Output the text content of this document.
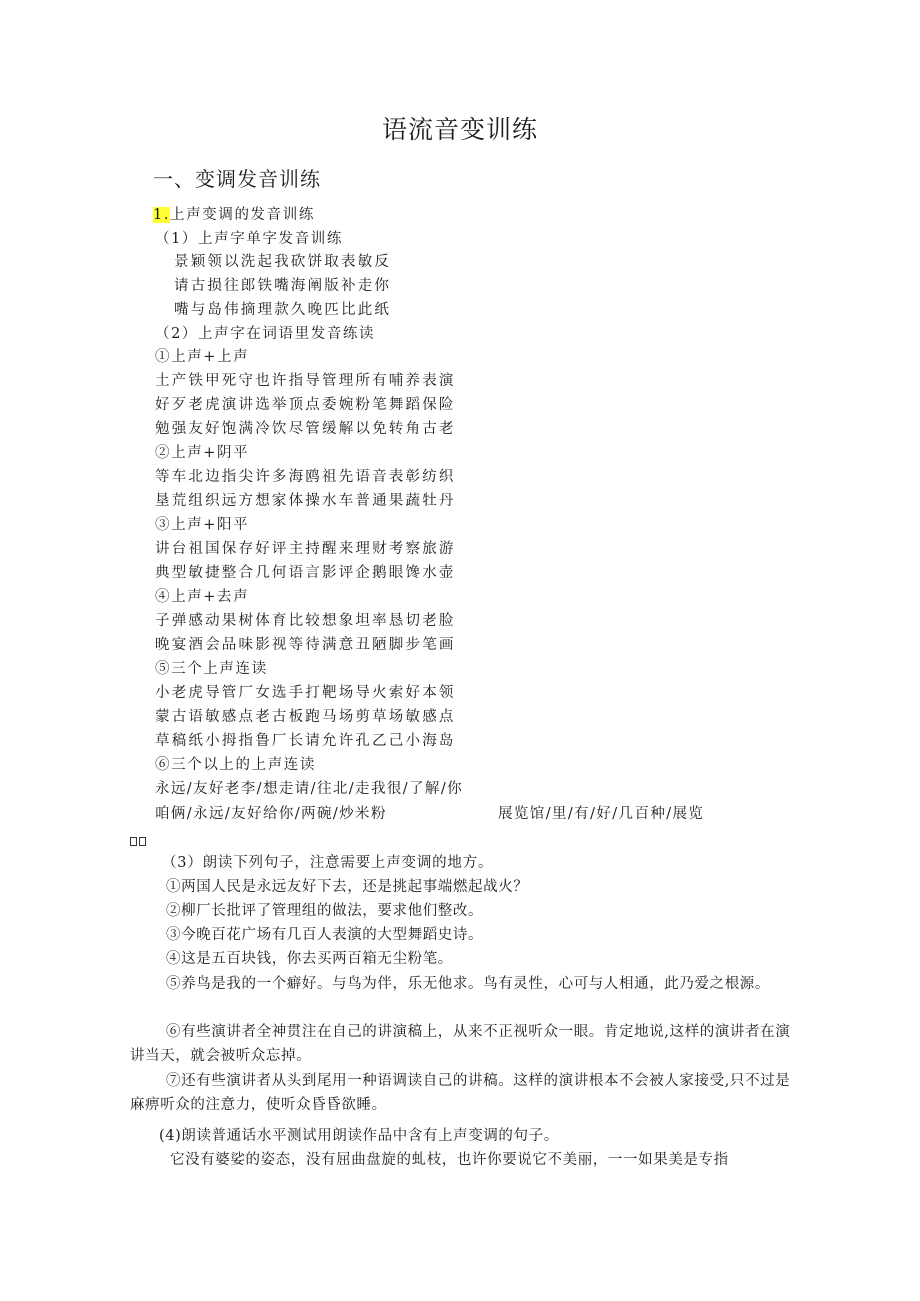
语流音变训练
一、变调发音训练
1.上声变调的发音训练
（1）上声字单字发音训练
景颖领以洗起我砍饼取表敏反
请古损往郎铁嘴海阐版补走你
嘴与岛伟摘理款久晚匹比此纸
（2）上声字在词语里发音练读
①上声+上声
土产铁甲死守也许指导管理所有哺养表演
好歹老虎演讲选举顶点委婉粉笔舞蹈保险
勉强友好饱满冷饮尽管缓解以免转角古老
②上声+阴平
等车北边指尖许多海鸥祖先语音表彰纺织
垦荒组织远方想家体操水车普通果蔬牡丹
③上声+阳平
讲台祖国保存好评主持醒来理财考察旅游
典型敏捷整合几何语言影评企鹅眼馋水壶
④上声+去声
子弹感动果树体育比较想象坦率恳切老脸
晚宴酒会品味影视等待满意丑陋脚步笔画
⑤三个上声连读
小老虎导管厂女选手打靶场导火索好本领
蒙古语敏感点老古板跑马场剪草场敏感点
草稿纸小拇指鲁厂长请允许孔乙己小海岛
⑥三个以上的上声连读
永远/友好老李/想走请/往北/走我很/了解/你
咱俩/永远/友好给你/两碗/炒米粉	展览馆/里/有/好/几百种/展览
（3）朗读下列句子，注意需要上声变调的地方。
①两国人民是永远友好下去，还是挑起事端燃起战火？
②柳厂长批评了管理组的做法，要求他们整改。
③今晚百花广场有几百人表演的大型舞蹈史诗。
④这是五百块钱，你去买两百箱无尘粉笔。
⑤养鸟是我的一个癖好。与鸟为伴，乐无他求。鸟有灵性，心可与人相通，此乃爱之根源。
⑥有些演讲者全神贯注在自己的讲演稿上，从来不正视听众一眼。肯定地说,这样的演讲者在演讲当天，就会被听众忘掉。
⑦还有些演讲者从头到尾用一种语调读自己的讲稿。这样的演讲根本不会被人家接受,只不过是麻痹听众的注意力，使听众昏昏欲睡。
(4)朗读普通话水平测试用朗读作品中含有上声变调的句子。
它没有婆娑的姿态，没有屈曲盘旋的虬枝，也许你要说它不美丽，一一如果美是专指
